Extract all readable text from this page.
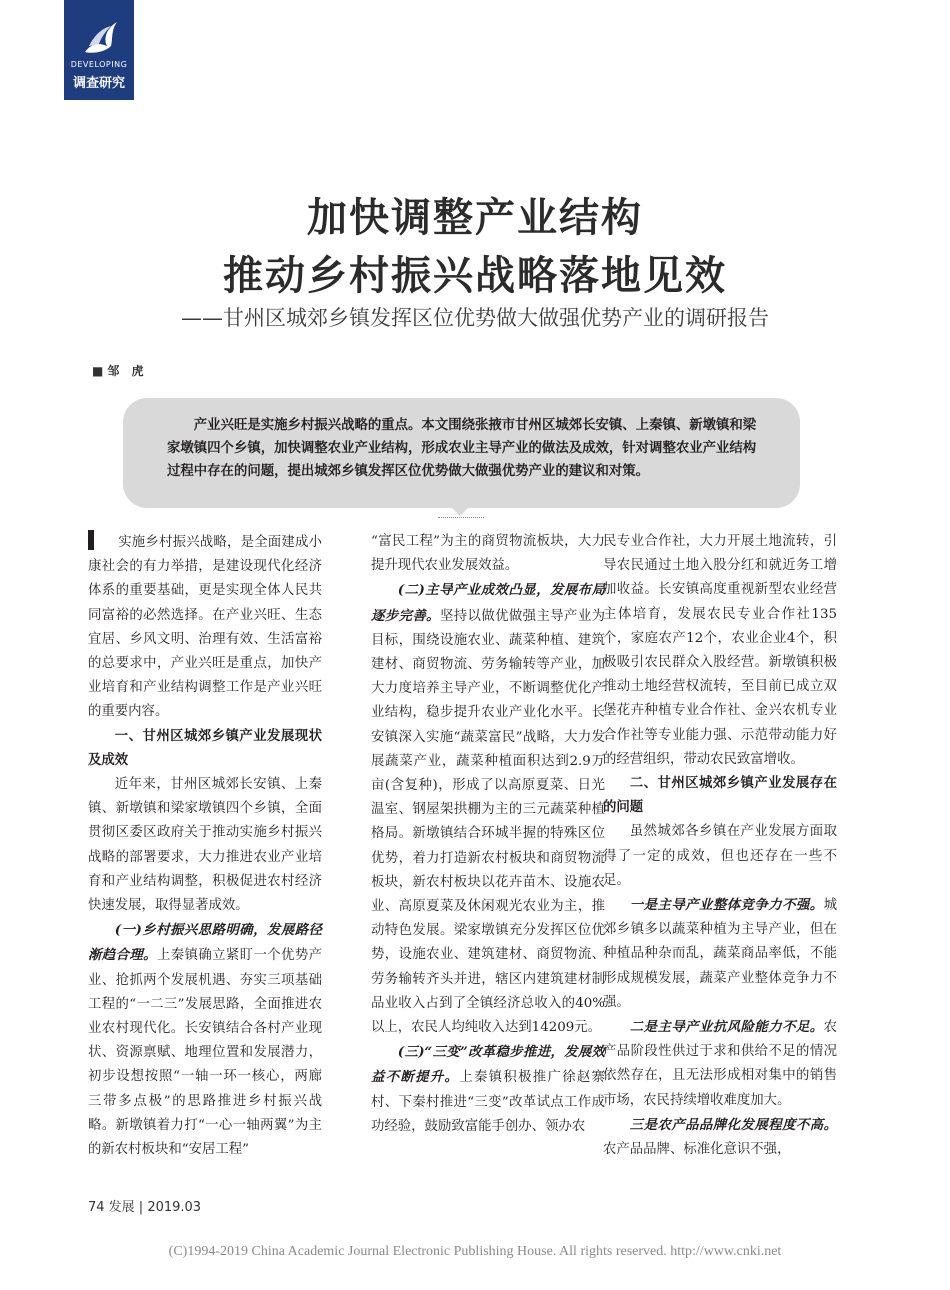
DEVELOPING
调查研究
加快调整产业结构
推动乡村振兴战略落地见效
——甘州区城郊乡镇发挥区位优势做大做强优势产业的调研报告
■ 邹　虎

产业兴旺是实施乡村振兴战略的重点。本文围绕张掖市甘州区城郊长安镇、上秦镇、新墩镇和梁家墩镇四个乡镇，加快调整农业产业结构，形成农业主导产业的做法及成效，针对调整农业产业结构过程中存在的问题，提出城郊乡镇发挥区位优势做大做强优势产业的建议和对策。

实施乡村振兴战略，是全面建成小康社会的有力举措，是建设现代化经济体系的重要基础，更是实现全体人民共同富裕的必然选择。在产业兴旺、生态宜居、乡风文明、治理有效、生活富裕的总要求中，产业兴旺是重点，加快产业培育和产业结构调整工作是产业兴旺的重要内容。

一、甘州区城郊乡镇产业发展现状及成效

近年来，甘州区城郊长安镇、上秦镇、新墩镇和梁家墩镇四个乡镇，全面贯彻区委区政府关于推动实施乡村振兴战略的部署要求，大力推进农业产业培育和产业结构调整，积极促进农村经济快速发展，取得显著成效。

(一)乡村振兴思路明确，发展路径渐趋合理。上秦镇确立紧盯一个优势产业、抢抓两个发展机遇、夯实三项基础工程的“一二三”发展思路，全面推进农业农村现代化。长安镇结合各村产业现状、资源禀赋、地理位置和发展潜力，初步设想按照“一轴一环一核心，两廊三带多点极”的思路推进乡村振兴战略。新墩镇着力打“一心一轴两翼”为主的新农村板块和“安居工程”

“富民工程”为主的商贸物流板块，大力提升现代农业发展效益。

(二)主导产业成效凸显，发展布局逐步完善。坚持以做优做强主导产业为目标，围绕设施农业、蔬菜种植、建筑建材、商贸物流、劳务输转等产业，加大力度培养主导产业，不断调整优化产业结构，稳步提升农业产业化水平。长安镇深入实施“蔬菜富民”战略，大力发展蔬菜产业，蔬菜种植面积达到2.9万亩(含复种)，形成了以高原夏菜、日光温室、钢屋架拱棚为主的三元蔬菜种植格局。新墩镇结合环城半握的特殊区位优势，着力打造新农村板块和商贸物流板块，新农村板块以花卉苗木、设施农业、高原夏菜及休闲观光农业为主，推动特色发展。梁家墩镇充分发挥区位优势，设施农业、建筑建材、商贸物流、劳务输转齐头并进，辖区内建筑建材制品业收入占到了全镇经济总收入的40%以上，农民人均纯收入达到14209元。

(三)“三变”改革稳步推进，发展效益不断提升。上秦镇积极推广徐赵寨村、下秦村推进“三变”改革试点工作成功经验，鼓励致富能手创办、领办农

民专业合作社，大力开展土地流转，引导农民通过土地入股分红和就近务工增加收益。长安镇高度重视新型农业经营主体培育，发展农民专业合作社135个，家庭农产12个，农业企业4个，积极吸引农民群众入股经营。新墩镇积极推动土地经营权流转，至目前已成立双堡花卉种植专业合作社、金兴农机专业合作社等专业能力强、示范带动能力好的经营组织，带动农民致富增收。

二、甘州区城郊乡镇产业发展存在的问题

虽然城郊各乡镇在产业发展方面取得了一定的成效，但也还存在一些不足。

一是主导产业整体竞争力不强。城郊乡镇多以蔬菜种植为主导产业，但在种植品种杂而乱，蔬菜商品率低，不能形成规模发展，蔬菜产业整体竞争力不强。

二是主导产业抗风险能力不足。农产品阶段性供过于求和供给不足的情况依然存在，且无法形成相对集中的销售市场，农民持续增收难度加大。

三是农产品品牌化发展程度不高。农产品品牌、标准化意识不强，

74 发展 | 2019.03
(C)1994-2019 China Academic Journal Electronic Publishing House. All rights reserved. http://www.cnki.net
